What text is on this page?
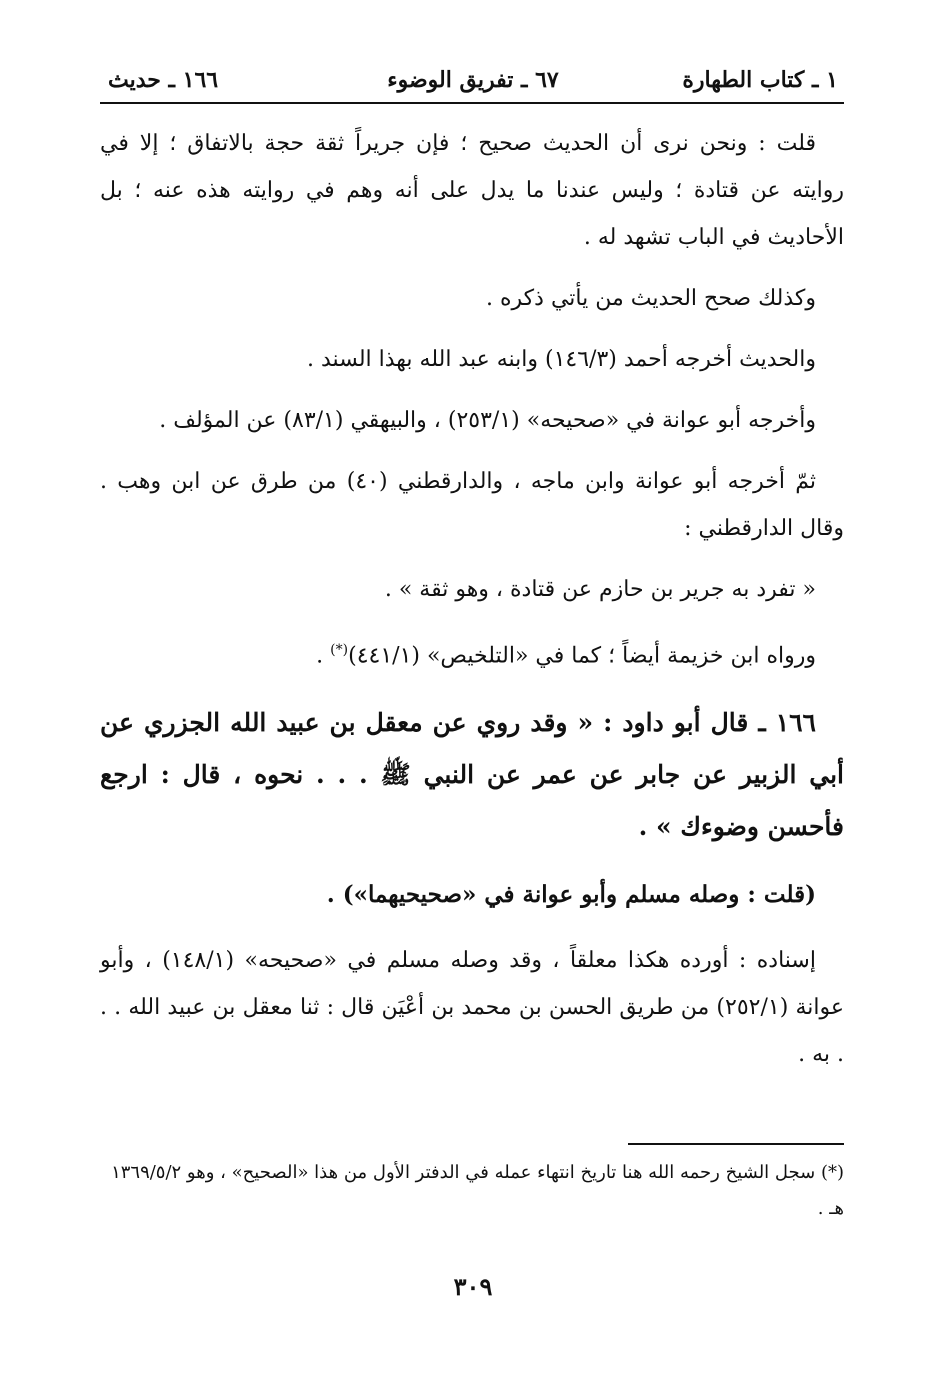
١ ـ كتاب الطهارة
٦٧ ـ تفريق الوضوء
١٦٦ ـ حديث

قلت : ونحن نرى أن الحديث صحيح ؛ فإن جريراً ثقة حجة بالاتفاق ؛ إلا في روايته عن قتادة ؛ وليس عندنا ما يدل على أنه وهم في روايته هذه عنه ؛ بل الأحاديث في الباب تشهد له .

وكذلك صحح الحديث من يأتي ذكره .

والحديث أخرجه أحمد (١٤٦/٣) وابنه عبد الله بهذا السند .

وأخرجه أبو عوانة في «صحيحه» (٢٥٣/١) ، والبيهقي (٨٣/١) عن المؤلف .

ثمّ أخرجه أبو عوانة وابن ماجه ، والدارقطني (٤٠) من طرق عن ابن وهب . وقال الدارقطني :

« تفرد به جرير بن حازم عن قتادة ، وهو ثقة » .

ورواه ابن خزيمة أيضاً ؛ كما في «التلخيص» (٤٤١/١)(*) .

١٦٦ ـ قال أبو داود : « وقد روي عن معقل بن عبيد الله الجزري عن أبي الزبير عن جابر عن عمر عن النبي ﷺ . . . نحوه ، قال : ارجع فأحسن وضوءك » .

(قلت : وصله مسلم وأبو عوانة في «صحيحيهما») .

إسناده : أورده هكذا معلقاً ، وقد وصله مسلم في «صحيحه» (١٤٨/١) ، وأبو عوانة (٢٥٢/١) من طريق الحسن بن محمد بن أعْيَن قال : ثنا معقل بن عبيد الله . . . به .

(*) سجل الشيخ رحمه الله هنا تاريخ انتهاء عمله في الدفتر الأول من هذا «الصحيح» ، وهو ١٣٦٩/٥/٢ هـ .

٣٠٩
